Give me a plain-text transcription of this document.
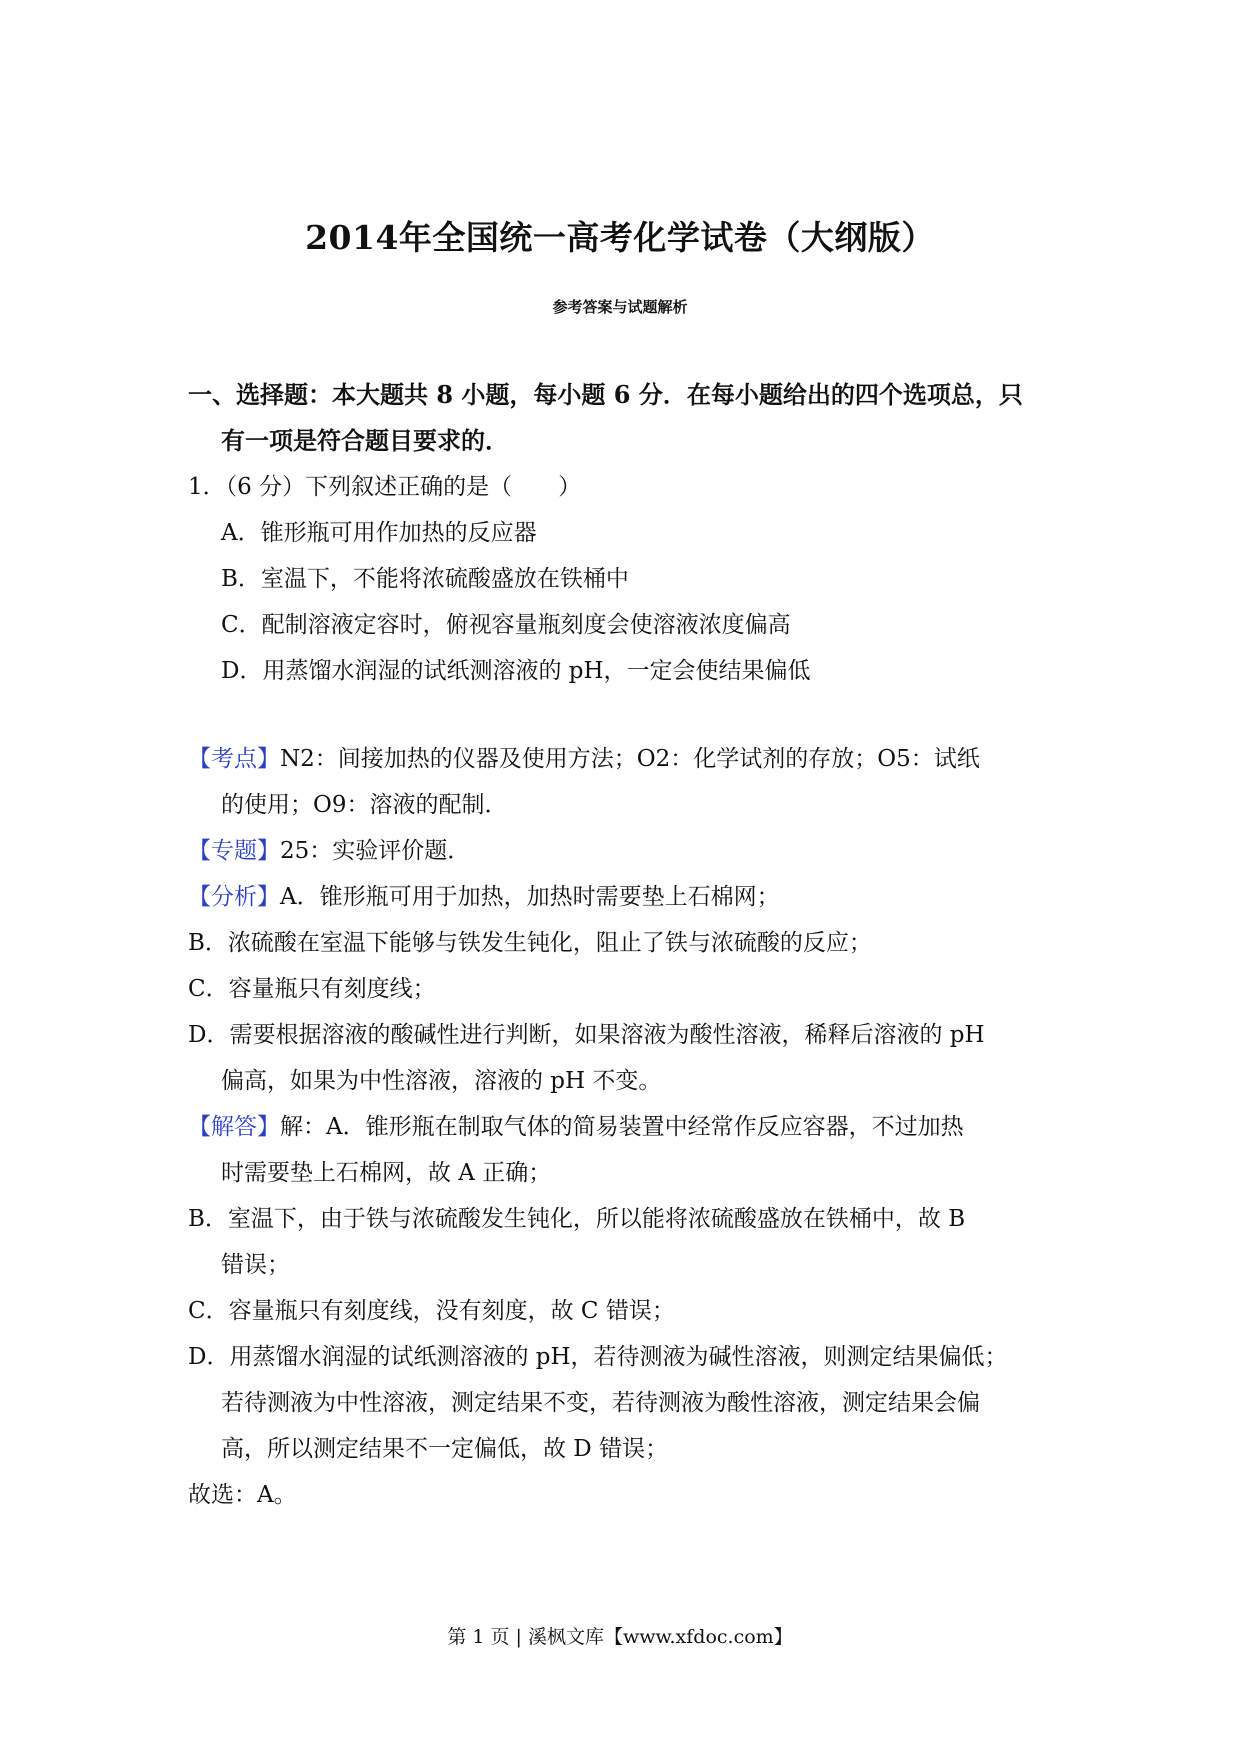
2014年全国统一高考化学试卷（大纲版）
参考答案与试题解析
一、选择题：本大题共 8 小题，每小题 6 分．在每小题给出的四个选项总，只
有一项是符合题目要求的．
1．（6 分）下列叙述正确的是（　　）
A．锥形瓶可用作加热的反应器
B．室温下，不能将浓硫酸盛放在铁桶中
C．配制溶液定容时，俯视容量瓶刻度会使溶液浓度偏高
D．用蒸馏水润湿的试纸测溶液的 pH，一定会使结果偏低
【考点】N2：间接加热的仪器及使用方法；O2：化学试剂的存放；O5：试纸
的使用；O9：溶液的配制．
【专题】25：实验评价题．
【分析】A．锥形瓶可用于加热，加热时需要垫上石棉网；
B．浓硫酸在室温下能够与铁发生钝化，阻止了铁与浓硫酸的反应；
C．容量瓶只有刻度线；
D．需要根据溶液的酸碱性进行判断，如果溶液为酸性溶液，稀释后溶液的 pH
偏高，如果为中性溶液，溶液的 pH 不变。
【解答】解：A．锥形瓶在制取气体的简易装置中经常作反应容器，不过加热
时需要垫上石棉网，故 A 正确；
B．室温下，由于铁与浓硫酸发生钝化，所以能将浓硫酸盛放在铁桶中，故 B
错误；
C．容量瓶只有刻度线，没有刻度，故 C 错误；
D．用蒸馏水润湿的试纸测溶液的 pH，若待测液为碱性溶液，则测定结果偏低；
若待测液为中性溶液，测定结果不变，若待测液为酸性溶液，测定结果会偏
高，所以测定结果不一定偏低，故 D 错误；
故选：A。
第 1 页 | 溪枫文库【www.xfdoc.com】
